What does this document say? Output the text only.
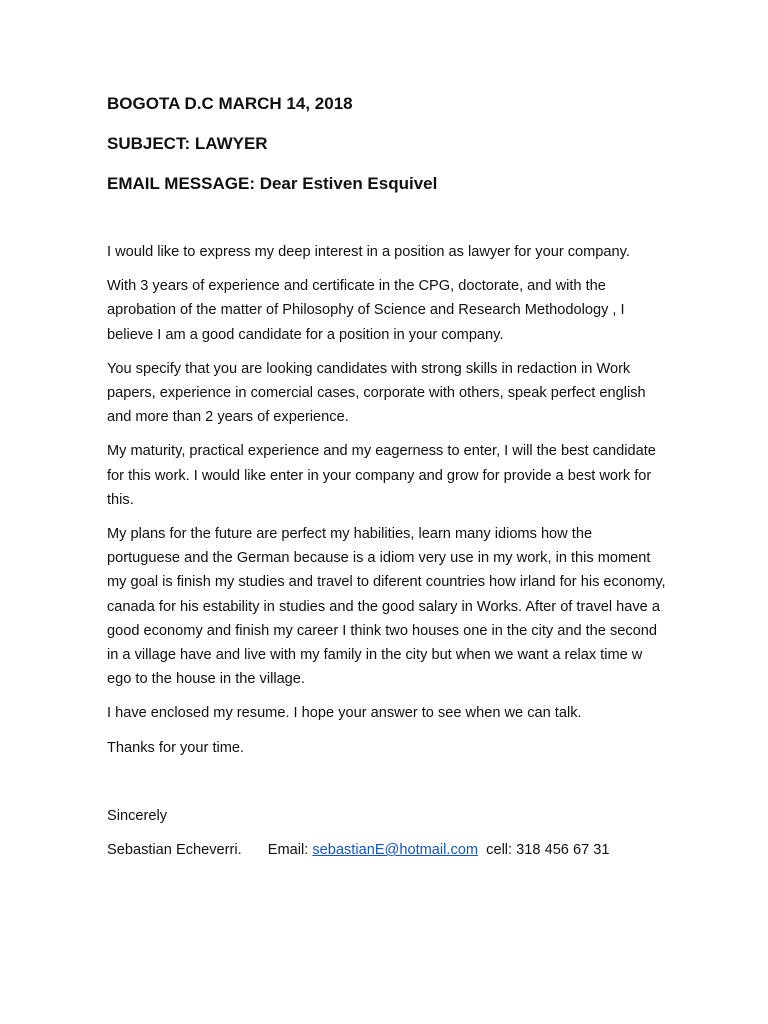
BOGOTA D.C MARCH 14, 2018

SUBJECT: LAWYER

EMAIL MESSAGE: Dear Estiven Esquivel

I would like to express my deep interest in a position as lawyer for your company.

With 3 years of experience and certificate in the CPG, doctorate, and with the aprobation of the matter of Philosophy of Science and Research Methodology , I believe I am a good candidate for a position in your company.

You specify that you are looking candidates with strong skills in redaction in Work papers, experience in comercial cases, corporate with others, speak perfect english and more than 2 years of experience.

My maturity, practical experience and my eagerness to enter, I will the best candidate for this work. I would like enter in your company and grow for provide a best work for this.

My plans for the future are perfect my habilities, learn many idioms how the portuguese and the German because is a idiom very use in my work, in this moment my goal is finish my studies and travel to diferent countries how irland for his economy, canada for his estability in studies and the good salary in Works. After of travel have a good economy and finish my career I think two houses one in the city and the second in a village have and live with my family in the city but when we want a relax time w ego to the house in the village.

I have enclosed my resume. I hope your answer to see when we can talk.

Thanks for your time.

Sincerely

Sebastian Echeverri. Email: sebastianE@hotmail.com cell: 318 456 67 31
